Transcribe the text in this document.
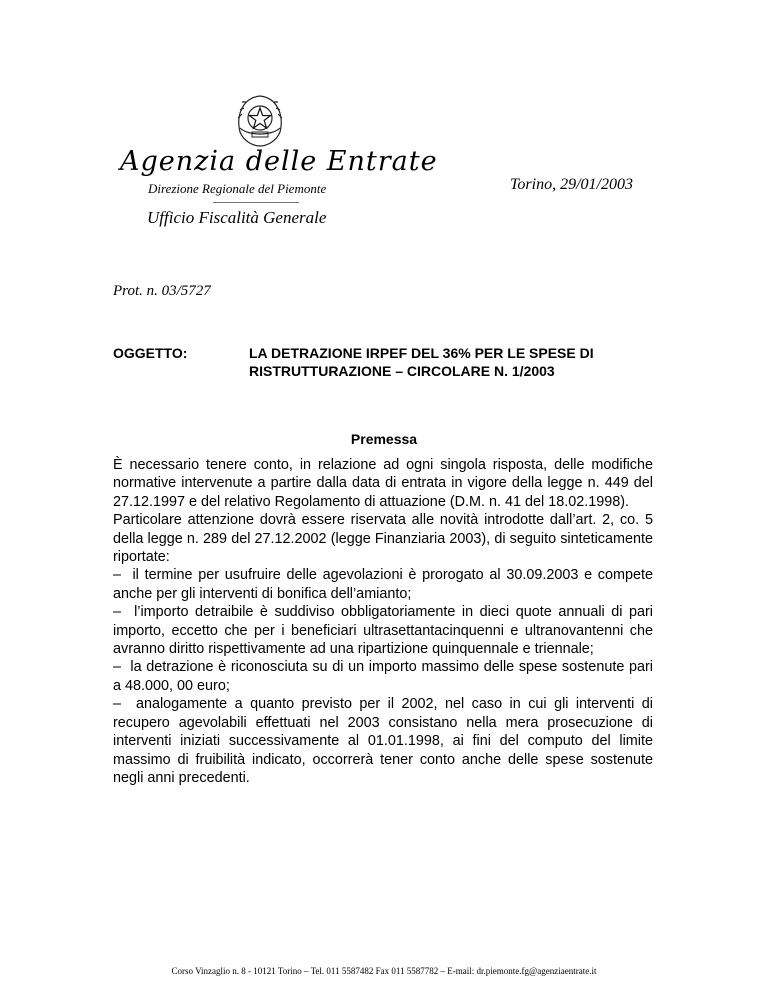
Agenzia delle Entrate
Direzione Regionale del Piemonte
Ufficio Fiscalità Generale
Torino, 29/01/2003
Prot. n. 03/5727
OGGETTO:	LA DETRAZIONE IRPEF DEL 36% PER LE SPESE DI
RISTRUTTURAZIONE – CIRCOLARE N. 1/2003
Premessa

È necessario tenere conto, in relazione ad ogni singola risposta, delle modifiche normative intervenute a partire dalla data di entrata in vigore della legge n. 449 del 27.12.1997 e del relativo Regolamento di attuazione (D.M. n. 41 del 18.02.1998).

Particolare attenzione dovrà essere riservata alle novità introdotte dall’art. 2, co. 5 della legge n. 289 del 27.12.2002 (legge Finanziaria 2003), di seguito sinteticamente riportate:

–  il termine per usufruire delle agevolazioni è prorogato al 30.09.2003 e compete anche per gli interventi di bonifica dell’amianto;

–  l’importo detraibile è suddiviso obbligatoriamente in dieci quote annuali di pari importo, eccetto che per i beneficiari ultrasettantacinquenni e ultranovantenni che avranno diritto rispettivamente ad una ripartizione quinquennale e triennale;

–  la detrazione è riconosciuta su di un importo massimo delle spese sostenute pari a 48.000, 00 euro;

–  analogamente a quanto previsto per il 2002, nel caso in cui gli interventi di recupero agevolabili effettuati nel 2003 consistano nella mera prosecuzione di interventi iniziati successivamente al 01.01.1998, ai fini del computo del limite massimo di fruibilità indicato, occorrerà tener conto anche delle spese sostenute negli anni precedenti.

Corso Vinzaglio n. 8 - 10121 Torino – Tel. 011 5587482 Fax 011 5587782 – E-mail: dr.piemonte.fg@agenziaentrate.it
